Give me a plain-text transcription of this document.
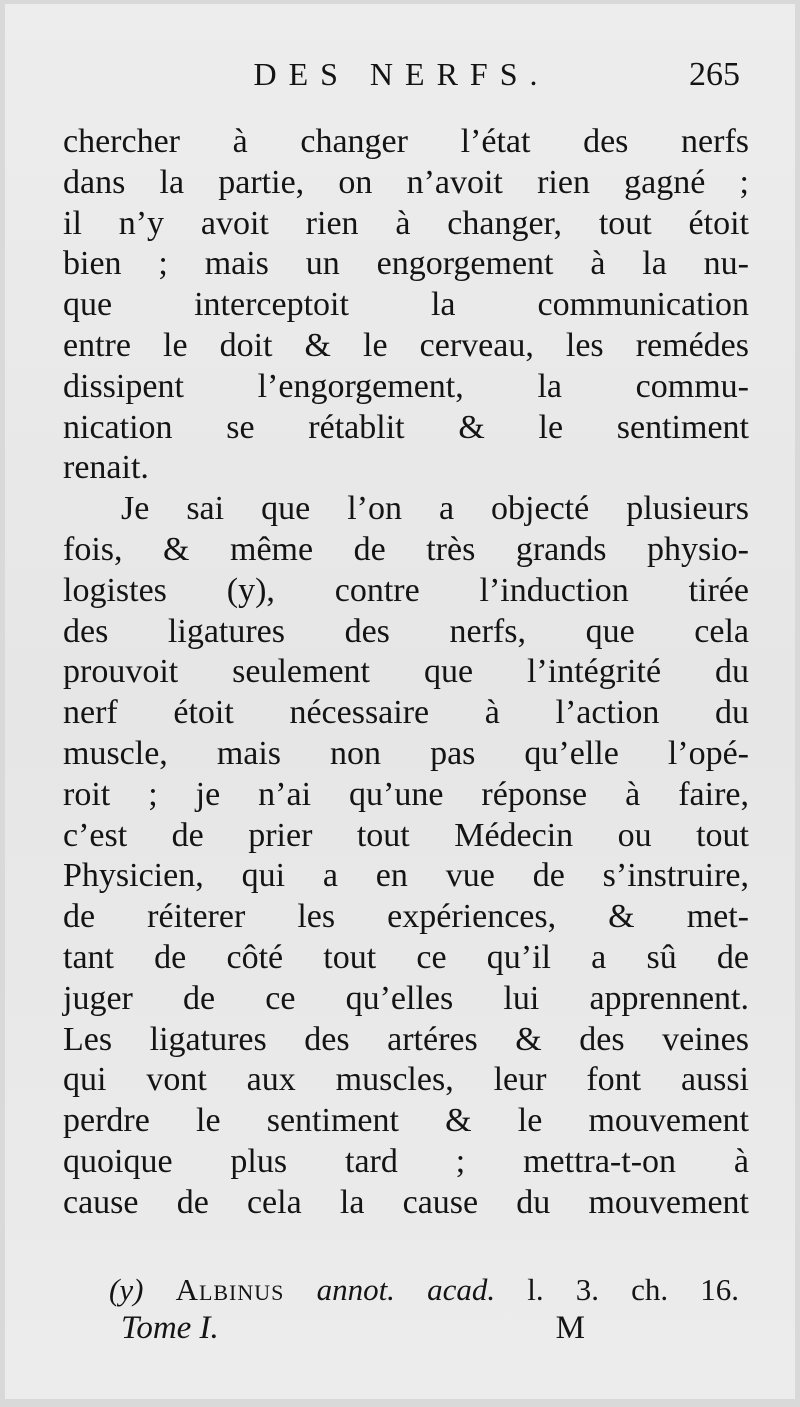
DES NERFS.	265
chercher à changer l’état des nerfs
dans la partie, on n’avoit rien gagné ;
il n’y avoit rien à changer, tout étoit
bien ; mais un engorgement à la nu-
que interceptoit la communication
entre le doit & le cerveau, les remédes
dissipent l’engorgement, la commu-
nication se rétablit & le sentiment
renait.
Je sai que l’on a objecté plusieurs
fois, & même de très grands physio-
logistes (y), contre l’induction tirée
des ligatures des nerfs, que cela
prouvoit seulement que l’intégrité du
nerf étoit nécessaire à l’action du
muscle, mais non pas qu’elle l’opé-
roit ; je n’ai qu’une réponse à faire,
c’est de prier tout Médecin ou tout
Physicien, qui a en vue de s’instruire,
de réiterer les expériences, & met-
tant de côté tout ce qu’il a sû de
juger de ce qu’elles lui apprennent.
Les ligatures des artéres & des veines
qui vont aux muscles, leur font aussi
perdre le sentiment & le mouvement
quoique plus tard ; mettra-t-on à
cause de cela la cause du mouvement
(y) Albinus annot. acad. l. 3. ch. 16.
Tome I.	M
